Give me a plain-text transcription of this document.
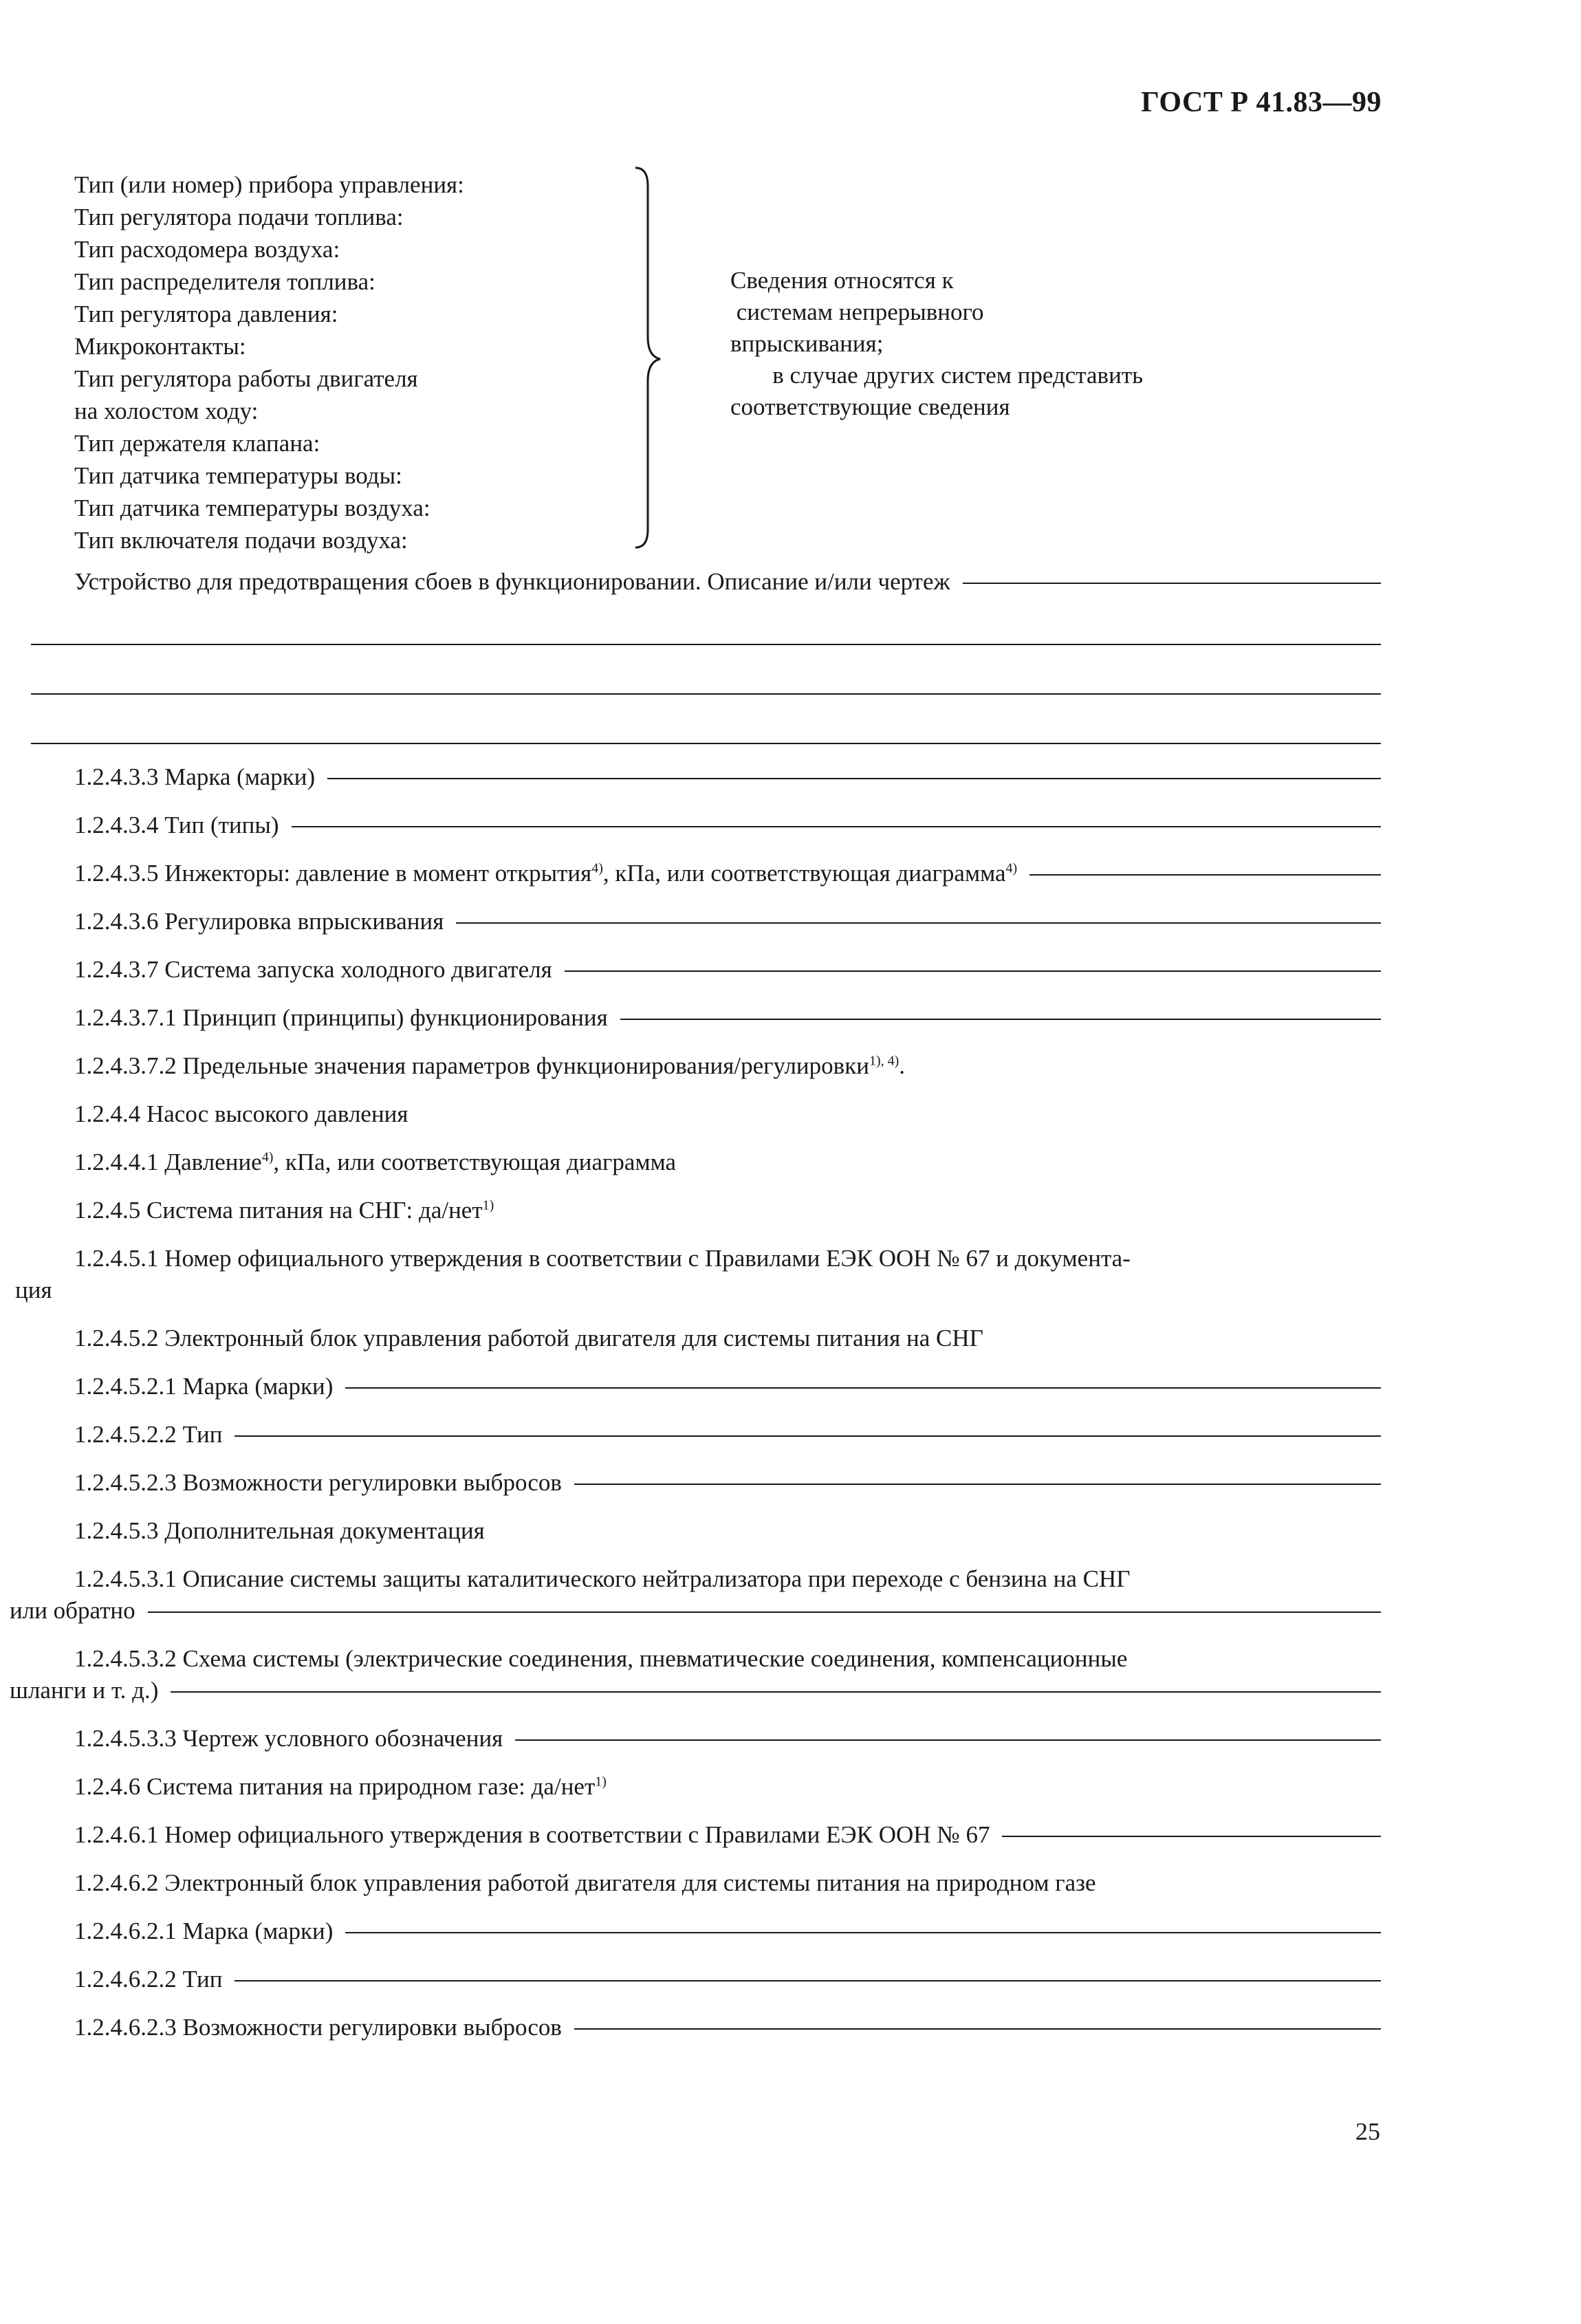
ГОСТ Р 41.83—99
Тип (или номер) прибора управления:
Тип регулятора подачи топлива:
Тип расходомера воздуха:
Тип распределителя топлива:
Тип регулятора давления:
Микроконтакты:
Тип регулятора работы двигателя
на холостом ходу:
Тип держателя клапана:
Тип датчика температуры воды:
Тип датчика температуры воздуха:
Тип включателя подачи воздуха:
Сведения относятся к
системам непрерывного
впрыскивания;
в случае других систем представить
соответствующие сведения
Устройство для предотвращения сбоев в функционировании. Описание и/или чертеж
1.2.4.3.3 Марка (марки)
1.2.4.3.4 Тип (типы)
1.2.4.3.5 Инжекторы: давление в момент открытия$^{4)}$, кПа, или соответствующая диаграмма$^{4)}$
1.2.4.3.6 Регулировка впрыскивания
1.2.4.3.7 Система запуска холодного двигателя
1.2.4.3.7.1 Принцип (принципы) функционирования
1.2.4.3.7.2 Предельные значения параметров функционирования/регулировки$^{1), 4)}$.
1.2.4.4 Насос высокого давления
1.2.4.4.1 Давление$^{4)}$, кПа, или соответствующая диаграмма
1.2.4.5 Система питания на СНГ: да/нет$^{1)}$
1.2.4.5.1 Номер официального утверждения в соответствии с Правилами ЕЭК ООН № 67 и документа-
ция
1.2.4.5.2 Электронный блок управления работой двигателя для системы питания на СНГ
1.2.4.5.2.1 Марка (марки)
1.2.4.5.2.2 Тип
1.2.4.5.2.3 Возможности регулировки выбросов
1.2.4.5.3 Дополнительная документация
1.2.4.5.3.1 Описание системы защиты каталитического нейтрализатора при переходе с бензина на СНГ
или обратно
1.2.4.5.3.2 Схема системы (электрические соединения, пневматические соединения, компенсационные
шланги и т. д.)
1.2.4.5.3.3 Чертеж условного обозначения
1.2.4.6 Система питания на природном газе: да/нет$^{1)}$
1.2.4.6.1 Номер официального утверждения в соответствии с Правилами ЕЭК ООН № 67
1.2.4.6.2 Электронный блок управления работой двигателя для системы питания на природном газе
1.2.4.6.2.1 Марка (марки)
1.2.4.6.2.2 Тип
1.2.4.6.2.3 Возможности регулировки выбросов
25
